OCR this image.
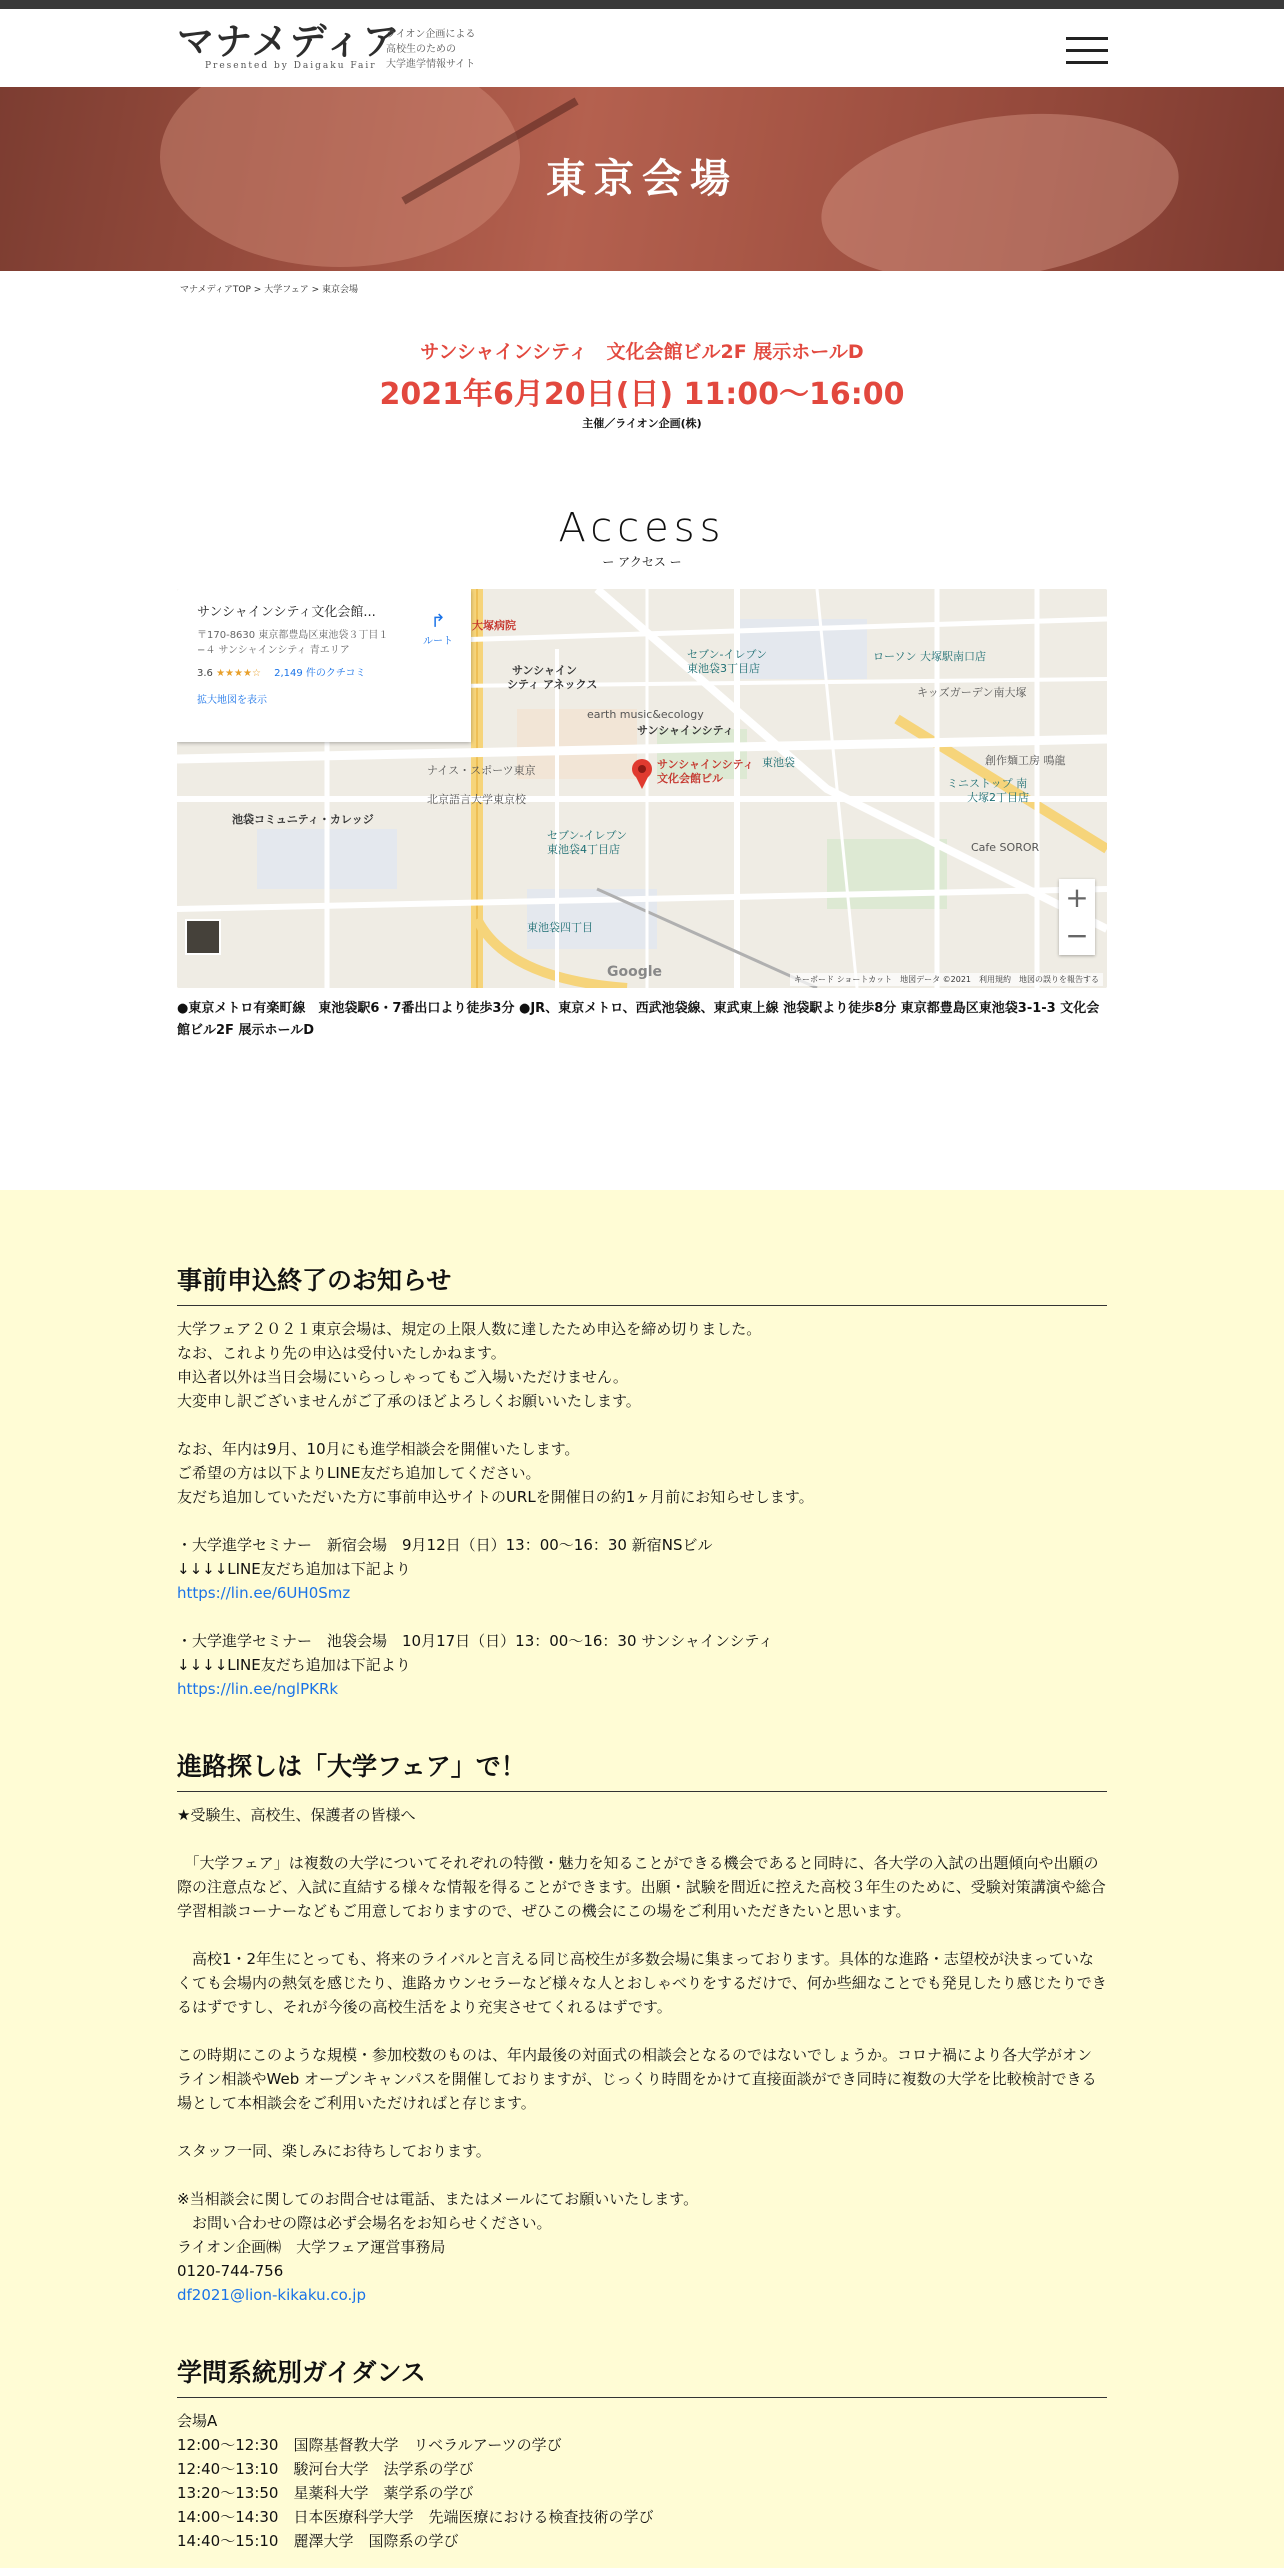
マナメディア
Presented by Daigaku Fair
ライオン企画による
高校生のための
大学進学情報サイト
東京会場
マナメディアTOP > 大学フェア > 東京会場
サンシャインシティ　文化会館ビル2F 展示ホールD
2021年6月20日(日) 11:00～16:00
主催／ライオン企画(株)
Access
ー アクセス ー
サンシャインシティ
文化会館ビル
サンシャインシティ
サンシャイン
シティ アネックス
earth music&ecology
セブン-イレブン
東池袋3丁目店
ローソン 大塚駅南口店
北京語言大学東京校
池袋コミュニティ・カレッジ
Cafe SOROR
大塚病院
ナイス・スポーツ東京
セブン-イレブン
東池袋4丁目店
東池袋四丁目
キッズガーデン南大塚
東池袋	創作麺工房 鳴龍
ミニストップ 南
大塚2丁目店
サンシャインシティ文化会館...
〒170-8630 東京都豊島区東池袋３丁目１−４ サンシャインシティ 青エリア
3.6 ★★★★☆ 2,149 件のクチコミ
拡大地図を表示
↱
ルート
+
−
Google	キーボード ショートカット　地図データ ©2021　利用規約　地図の誤りを報告する
●東京メトロ有楽町線　東池袋駅6・7番出口より徒歩3分 ●JR、東京メトロ、西武池袋線、東武東上線 池袋駅より徒歩8分 東京都豊島区東池袋3-1-3 文化会館ビル2F 展示ホールD
事前申込終了のお知らせ

大学フェア２０２１東京会場は、規定の上限人数に達したため申込を締め切りました。

なお、これより先の申込は受付いたしかねます。

申込者以外は当日会場にいらっしゃってもご入場いただけません。

大変申し訳ございませんがご了承のほどよろしくお願いいたします。

なお、年内は9月、10月にも進学相談会を開催いたします。

ご希望の方は以下よりLINE友だち追加してください。

友だち追加していただいた方に事前申込サイトのURLを開催日の約1ヶ月前にお知らせします。

・大学進学セミナー　新宿会場　9月12日（日）13：00〜16：30 新宿NSビル

↓↓↓↓LINE友だち追加は下記より

https://lin.ee/6UH0Smz

・大学進学セミナー　池袋会場　10月17日（日）13：00〜16：30 サンシャインシティ

↓↓↓↓LINE友だち追加は下記より

https://lin.ee/nglPKRk

進路探しは「大学フェア」で！

★受験生、高校生、保護者の皆様へ

　「大学フェア」は複数の大学についてそれぞれの特徴・魅力を知ることができる機会であると同時に、各大学の入試の出題傾向や出願の際の注意点など、入試に直結する様々な情報を得ることができます。出願・試験を間近に控えた高校３年生のために、受験対策講演や総合学習相談コーナーなどもご用意しておりますので、ぜひこの機会にこの場をご利用いただきたいと思います。

　高校1・2年生にとっても、将来のライバルと言える同じ高校生が多数会場に集まっております。具体的な進路・志望校が決まっていなくても会場内の熱気を感じたり、進路カウンセラーなど様々な人とおしゃべりをするだけで、何か些細なことでも発見したり感じたりできるはずですし、それが今後の高校生活をより充実させてくれるはずです。

この時期にこのような規模・参加校数のものは、年内最後の対面式の相談会となるのではないでしょうか。コロナ禍により各大学がオンライン相談やWeb オープンキャンパスを開催しておりますが、じっくり時間をかけて直接面談ができ同時に複数の大学を比較検討できる場として本相談会をご利用いただければと存じます。

スタッフ一同、楽しみにお待ちしております。

※当相談会に関してのお問合せは電話、またはメールにてお願いいたします。

　お問い合わせの際は必ず会場名をお知らせください。

ライオン企画㈱　大学フェア運営事務局

0120-744-756

df2021@lion-kikaku.co.jp

学問系統別ガイダンス

会場A

12:00～12:30　国際基督教大学　リベラルアーツの学び

12:40～13:10　駿河台大学　法学系の学び

13:20～13:50　星薬科大学　薬学系の学び

14:00～14:30　日本医療科学大学　先端医療における検査技術の学び

14:40～15:10　麗澤大学　国際系の学び
